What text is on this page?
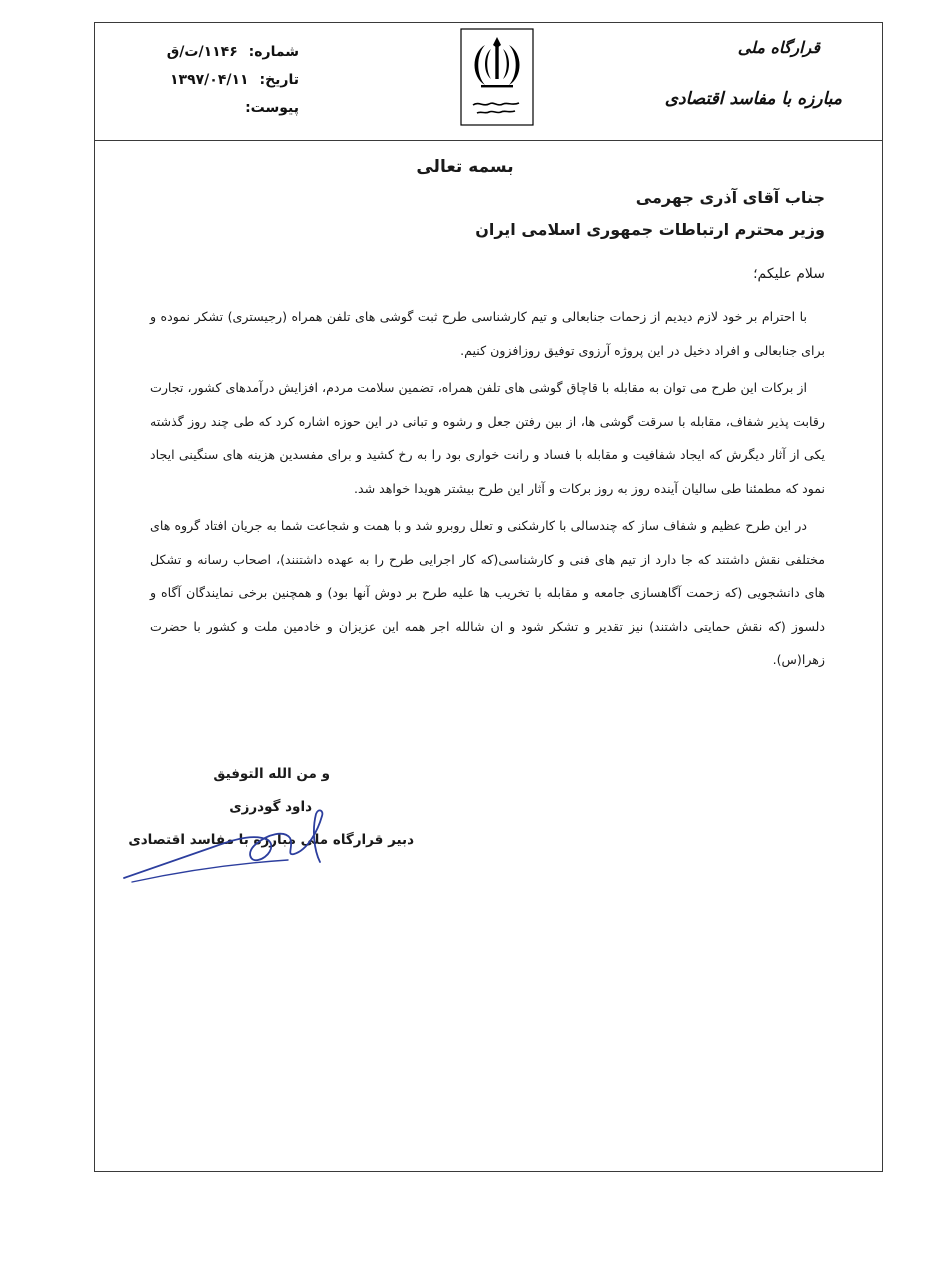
قرارگاه ملی
مبارزه با مفاسد اقتصادی
شماره: ۱۱۴۶/ت/ق
تاریخ: ۱۳۹۷/۰۴/۱۱
پیوست:
بسمه تعالی
جناب آقای آذری جهرمی
وزیر محترم ارتباطات جمهوری اسلامی ایران
سلام علیکم؛

با احترام بر خود لازم دیدیم از زحمات جنابعالی و تیم کارشناسی طرح ثبت گوشی های تلفن همراه (رجیستری) تشکر نموده و برای جنابعالی و افراد دخیل در این پروژه آرزوی توفیق روزافزون کنیم.

از برکات این طرح می توان به مقابله با قاچاق گوشی های تلفن همراه، تضمین سلامت مردم، افزایش درآمدهای کشور، تجارت رقابت پذیر شفاف، مقابله با سرقت گوشی ها، از بین رفتن جعل و رشوه و تبانی در این حوزه اشاره کرد که طی چند روز گذشته یکی از آثار دیگرش که ایجاد شفافیت و مقابله با فساد و رانت خواری بود را به رخ کشید و برای مفسدین هزینه های سنگینی ایجاد نمود که مطمئنا طی سالیان آینده روز به روز برکات و آثار این طرح بیشتر هویدا خواهد شد.

در این طرح عظیم و شفاف ساز که چندسالی با کارشکنی و تعلل روبرو شد و با همت و شجاعت شما به جریان افتاد گروه های مختلفی نقش داشتند که جا دارد از تیم های فنی و کارشناسی(که کار اجرایی طرح را به عهده داشتنند)، اصحاب رسانه و تشکل های دانشجویی (که زحمت آگاهسازی جامعه و مقابله با تخریب ها علیه طرح بر دوش آنها بود) و همچنین برخی نمایندگان آگاه و دلسوز (که نقش حمایتی داشتند) نیز تقدیر و تشکر شود و ان شالله اجر همه این عزیزان و خادمین ملت و کشور با حضرت زهرا(س).

و من الله التوفیق
داود گودرزی
دبیر قرارگاه ملی مبارزه با مفاسد اقتصادی
